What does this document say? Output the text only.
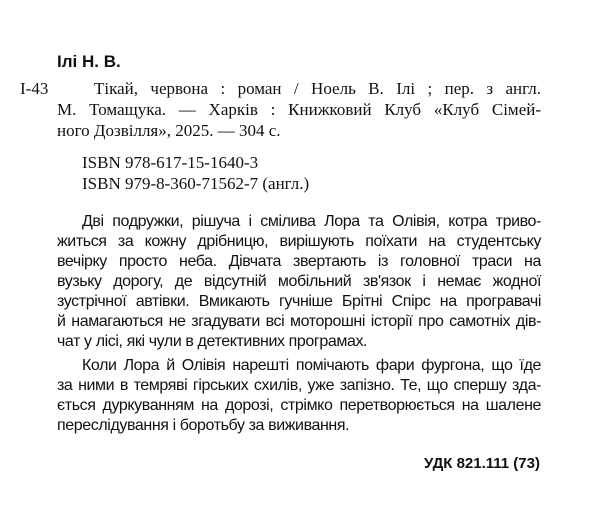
Ілі Н. В.
І-43	Тікай, червона : роман / Ноель В. Ілі ; пер. з англ.
М. Томащука. — Харків : Книжковий Клуб «Клуб Сімей-
ного Дозвілля», 2025. — 304 с.
ISBN 978-617-15-1640-3
ISBN 979-8-360-71562-7 (англ.)
Дві подружки, рішуча і смілива Лора та Олівія, котра триво-
житься за кожну дрібницю, вирішують поїхати на студентську
вечірку просто неба. Дівчата звертають із головної траси на
вузьку дорогу, де відсутній мобільний зв'язок і немає жодної
зустрічної автівки. Вмикають гучніше Брітні Спірс на програвачі
й намагаються не згадувати всі моторошні історії про самотніх дів-
чат у лісі, які чули в детективних програмах.
Коли Лора й Олівія нарешті помічають фари фургона, що їде
за ними в темряві гірських схилів, уже запізно. Те, що спершу зда-
ється дуркуванням на дорозі, стрімко перетворюється на шалене
переслідування і боротьбу за виживання.
УДК 821.111 (73)
